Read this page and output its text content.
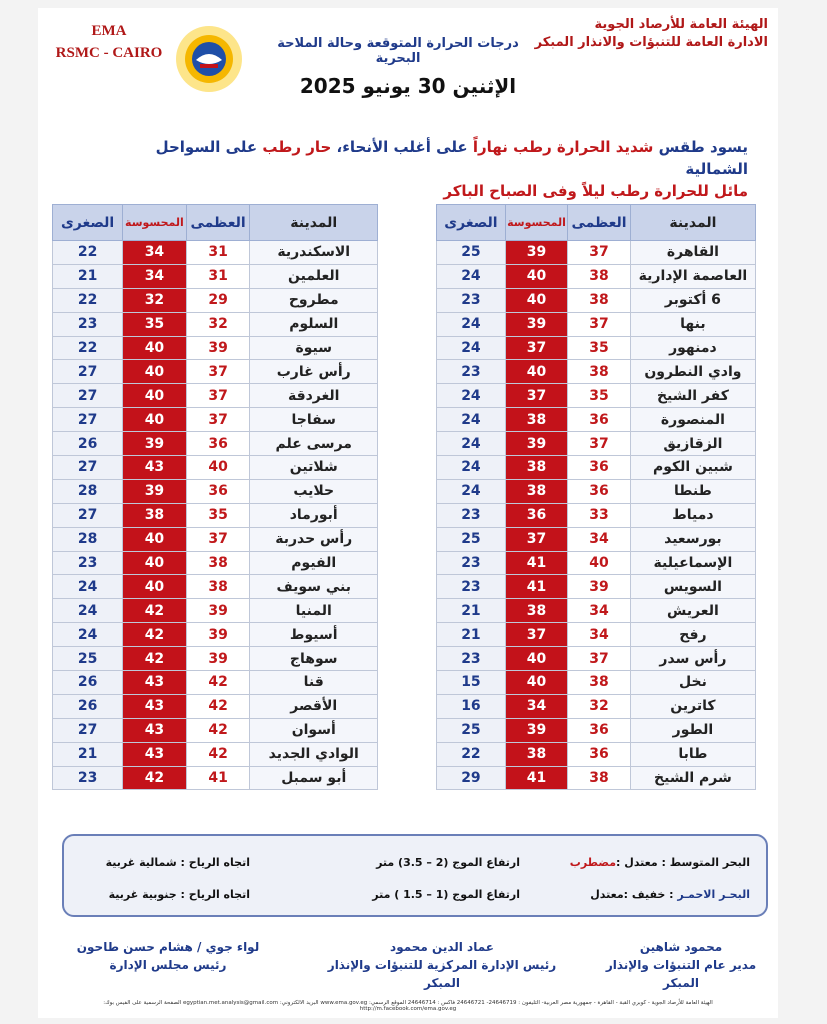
الهيئة العامة للأرصاد الجوية
الادارة العامة للتنبؤات والانذار المبكر
درجات الحرارة المتوقعة وحالة الملاحة البحرية
EMA
RSMC - CAIRO
الإثنين 30 يونيو 2025
يسود طقس شديد الحرارة رطب نهاراً على أغلب الأنحاء، حار رطب على السواحل الشمالية
مائل للحرارة رطب ليلاً وفى الصباح الباكر
المدينة	العظمى	المحسوسة	الصغرى
القاهرة	37	39	25
العاصمة الإدارية	38	40	24
6 أكتوبر	38	40	23
بنها	37	39	24
دمنهور	35	37	24
وادي النطرون	38	40	23
كفر الشيخ	35	37	24
المنصورة	36	38	24
الزقازيق	37	39	24
شبين الكوم	36	38	24
طنطا	36	38	24
دمياط	33	36	23
بورسعيد	34	37	25
الإسماعيلية	40	41	23
السويس	39	41	23
العريش	34	38	21
رفح	34	37	21
رأس سدر	37	40	23
نخل	38	40	15
كاترين	32	34	16
الطور	36	39	25
طابا	36	38	22
شرم الشيخ	38	41	29
المدينة	العظمى	المحسوسة	الصغرى
الاسكندرية	31	34	22
العلمين	31	34	21
مطروح	29	32	22
السلوم	32	35	23
سيوة	39	40	22
رأس غارب	37	40	27
الغردقة	37	40	27
سفاجا	37	40	27
مرسى علم	36	39	26
شلاتين	40	43	27
حلايب	36	39	28
أبورماد	35	38	27
رأس حدربة	37	40	28
الفيوم	38	40	23
بني سويف	38	40	24
المنيا	39	42	24
أسيوط	39	42	24
سوهاج	39	42	25
قنا	42	43	26
الأقصر	42	43	26
أسوان	42	43	27
الوادي الجديد	42	43	21
أبو سمبل	41	42	23
البحر المتوسط : معتدل :مضطرب
ارتفاع الموج (2 – 3.5) متر
اتجاه الرياح : شمالية غربية
البحـر الاحمـر : خفيف :معتدل
ارتفاع الموج (1 – 1.5 ) متر
اتجاه الرياح : جنوبية غربية
محمود شاهين
مدير عام التنبؤات والإنذار المبكر
عماد الدين محمود
رئيس الإدارة المركزية للتنبؤات والإنذار المبكر
لواء جوي / هشام حسن طاحون
رئيس مجلس الإدارة
الهيئة العامة للأرصاد الجوية - كوبري القبة - القاهرة - جمهورية مصر العربية- التليفون : 24646719- 24646721 فاكس : 24646714 الموقع الرسمي: www.ema.gov.eg البريد الالكتروني: egyptian.met.analysis@gmail.com الصفحة الرسمية على الفيس بوك: http://m.facebook.com/ema.gov.eg
